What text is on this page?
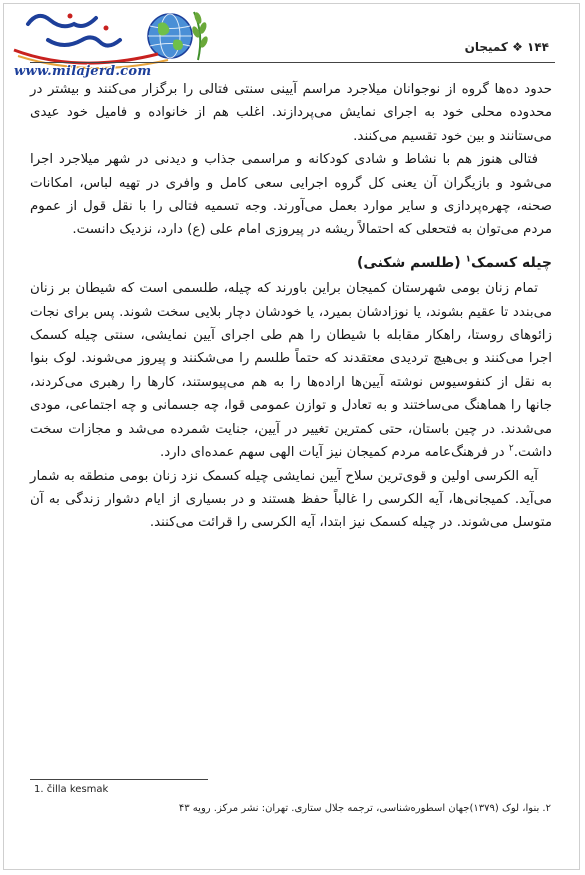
www.milajerd.com
۱۴۴ ❖ کمیجان

حدود ده‌ها گروه از نوجوانان میلاجرد مراسم آیینی سنتی فتالی را برگزار می‌کنند و بیشتر در محدوده محلی خود به اجرای نمایش می‌پردازند. اغلب هم از خانواده و فامیل خود عیدی می‌ستانند و بین خود تقسیم می‌کنند.

فتالی هنوز هم با نشاط و شادی کودکانه و مراسمی جذاب و دیدنی در شهر میلاجرد اجرا می‌شود و بازیگران آن یعنی کل گروه اجرایی سعی کامل و وافری در تهیه لباس، امکانات صحنه، چهره‌پردازی و سایر موارد بعمل می‌آورند. وجه تسمیه فتالی را با نقل قول از عموم مردم می‌توان به فتحعلی که احتمالاً ریشه در پیروزی امام علی (ع) دارد، نزدیک دانست.

چیله کسمک$^۱$ (طلسم شکنی)

تمام زنان بومی شهرستان کمیجان براین باورند که چیله، طلسمی است که شیطان بر زنان می‌بندد تا عقیم بشوند، یا نوزادشان بمیرد، یا خودشان دچار بلایی سخت شوند. پس برای نجات زائوهای روستا، راهکار مقابله با شیطان را هم طی اجرای آیین نمایشی، سنتی چیله کسمک اجرا می‌کنند و بی‌هیچ تردیدی معتقدند که حتماً طلسم را می‌شکنند و پیروز می‌شوند. لوک بنوا به نقل از کنفوسیوس نوشته آیین‌ها اراده‌ها را به هم می‌پیوستند، کارها را رهبری می‌کردند، جانها را هماهنگ می‌ساختند و به تعادل و توازن عمومی قوا، چه جسمانی و چه اجتماعی، مودی می‌شدند. در چین باستان، حتی کمترین تغییر در آیین، جنایت شمرده می‌شد و مجازات سخت داشت.$^۲$ در فرهنگ‌عامه مردم کمیجان نیز آیات الهی سهم عمده‌ای دارد.

آیه الکرسی اولین و قوی‌ترین سلاح آیین نمایشی چیله کسمک نزد زنان بومی منطقه به شمار می‌آید. کمیجانی‌ها، آیه الکرسی را غالباً حفظ هستند و در بسیاری از ایام دشوار زندگی به آن متوسل می‌شوند. در چیله کسمک نیز ابتدا، آیه الکرسی را قرائت می‌کنند.

1. čilla kesmak
۲. بنوا، لوک (۱۳۷۹)جهان اسطوره‌شناسی، ترجمه جلال ستاری. تهران: نشر مرکز. رویه ۴۳
